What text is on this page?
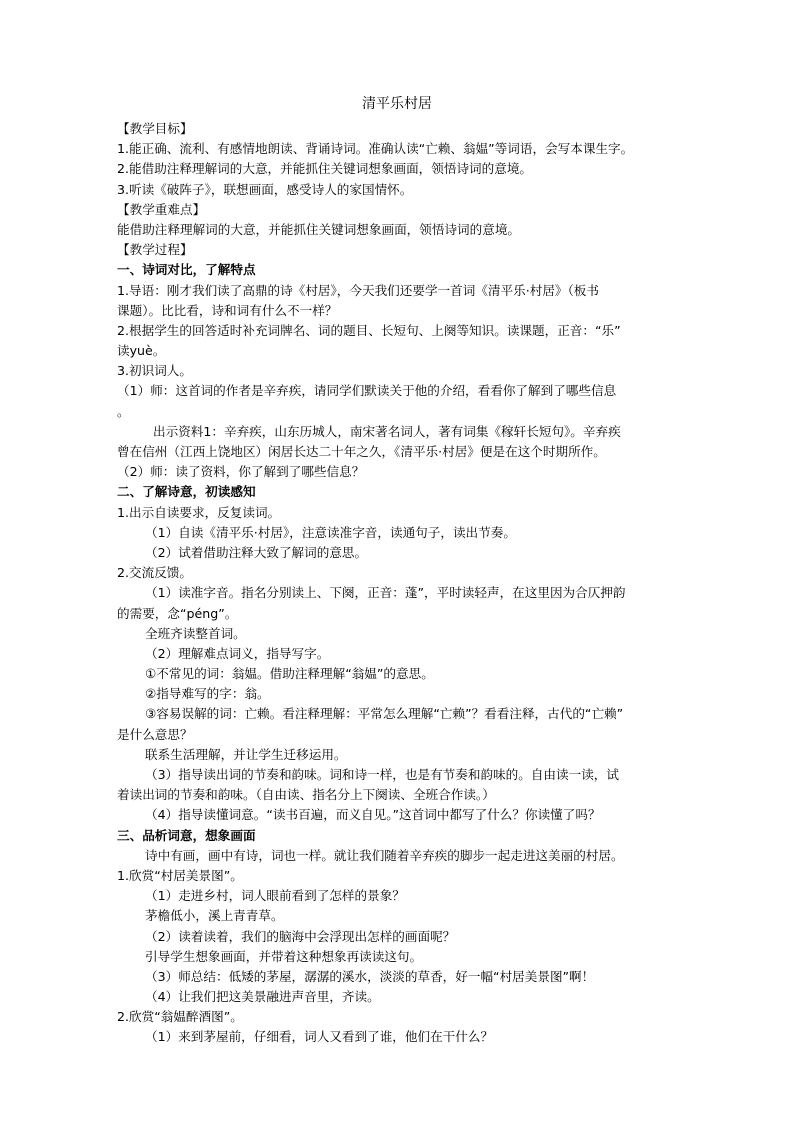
清平乐村居
【教学目标】
1.能正确、流利、有感情地朗读、背诵诗词。准确认读“亡赖、翁媪”等词语，会写本课生字。
2.能借助注释理解词的大意，并能抓住关键词想象画面，领悟诗词的意境。
3.听读《破阵子》，联想画面，感受诗人的家国情怀。
【教学重难点】
能借助注释理解词的大意，并能抓住关键词想象画面，领悟诗词的意境。
【教学过程】
一、诗词对比，了解特点
1.导语：刚才我们读了高鼎的诗《村居》，今天我们还要学一首词《清平乐·村居》（板书
课题）。比比看，诗和词有什么不一样？
2.根据学生的回答适时补充词牌名、词的题目、长短句、上阕等知识。读课题，正音：“乐”
读yuè。
3.初识词人。
（1）师：这首词的作者是辛弃疾，请同学们默读关于他的介绍，看看你了解到了哪些信息
。
出示资料1：辛弃疾，山东历城人，南宋著名词人，著有词集《稼轩长短句》。辛弃疾
曾在信州（江西上饶地区）闲居长达二十年之久，《清平乐·村居》便是在这个时期所作。
（2）师：读了资料，你了解到了哪些信息？
二、了解诗意，初读感知
1.出示自读要求，反复读词。
（1）自读《清平乐·村居》，注意读准字音，读通句子，读出节奏。
（2）试着借助注释大致了解词的意思。
2.交流反馈。
（1）读准字音。指名分别读上、下阕，正音：蓬”，平时读轻声，在这里因为合仄押韵
的需要，念“péng”。
全班齐读整首词。
（2）理解难点词义，指导写字。
①不常见的词：翁媪。借助注释理解“翁媪”的意思。
②指导难写的字：翁。
③容易误解的词：亡赖。看注释理解：平常怎么理解“亡赖”？看看注释，古代的“亡赖”
是什么意思？
联系生活理解，并让学生迁移运用。
（3）指导读出词的节奏和韵味。词和诗一样，也是有节奏和韵味的。自由读一读，试
着读出词的节奏和韵味。（自由读、指名分上下阕读、全班合作读。）
（4）指导读懂词意。“读书百遍，而义自见。”这首词中都写了什么？你读懂了吗？
三、品析词意，想象画面
诗中有画，画中有诗，词也一样。就让我们随着辛弃疾的脚步一起走进这美丽的村居。
1.欣赏“村居美景图”。
（1）走进乡村，词人眼前看到了怎样的景象？
茅檐低小，溪上青青草。
（2）读着读着，我们的脑海中会浮现出怎样的画面呢？
引导学生想象画面，并带着这种想象再读读这句。
（3）师总结：低矮的茅屋，潺潺的溪水，淡淡的草香，好一幅“村居美景图”啊！
（4）让我们把这美景融进声音里，齐读。
2.欣赏“翁媪醉酒图”。
（1）来到茅屋前，仔细看，词人又看到了谁，他们在干什么？
